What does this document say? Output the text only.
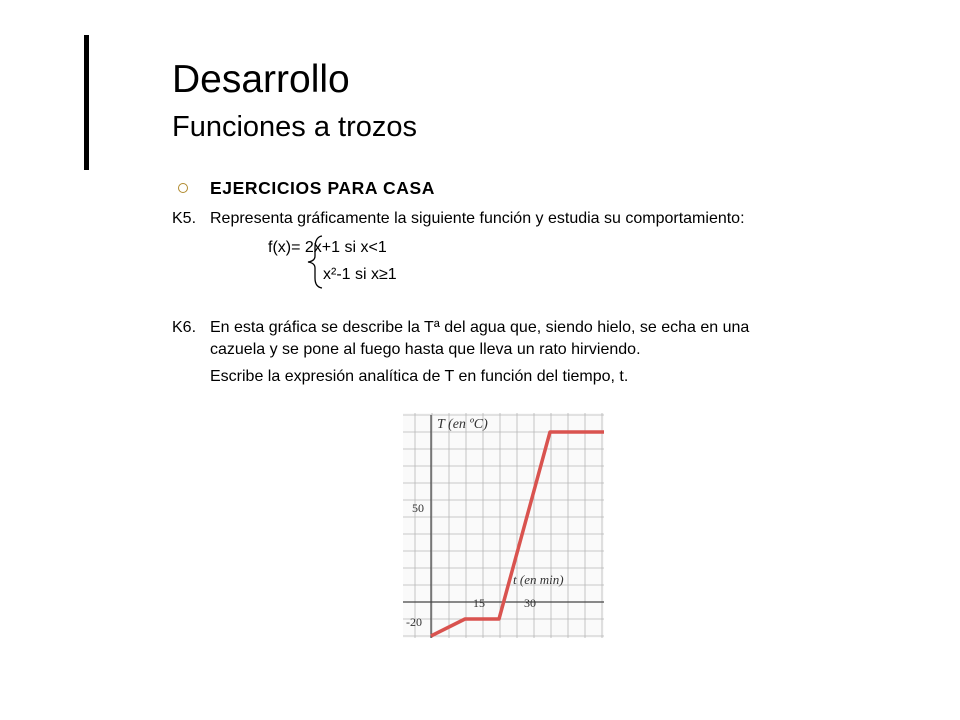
Desarrollo
Funciones a trozos
EJERCICIOS PARA CASA
K5. Representa gráficamente la siguiente función y estudia su comportamiento:
f(x)= 2x+1 si x<1
x²-1 si x≥1
K6. En esta gráfica se describe la Tª del agua que, siendo hielo, se echa en una
cazuela y se pone al fuego hasta que lleva un rato hirviendo.
Escribe la expresión analítica de T en función del tiempo, t.
T (en ºC)
t (en min)
50
-20
15	30
